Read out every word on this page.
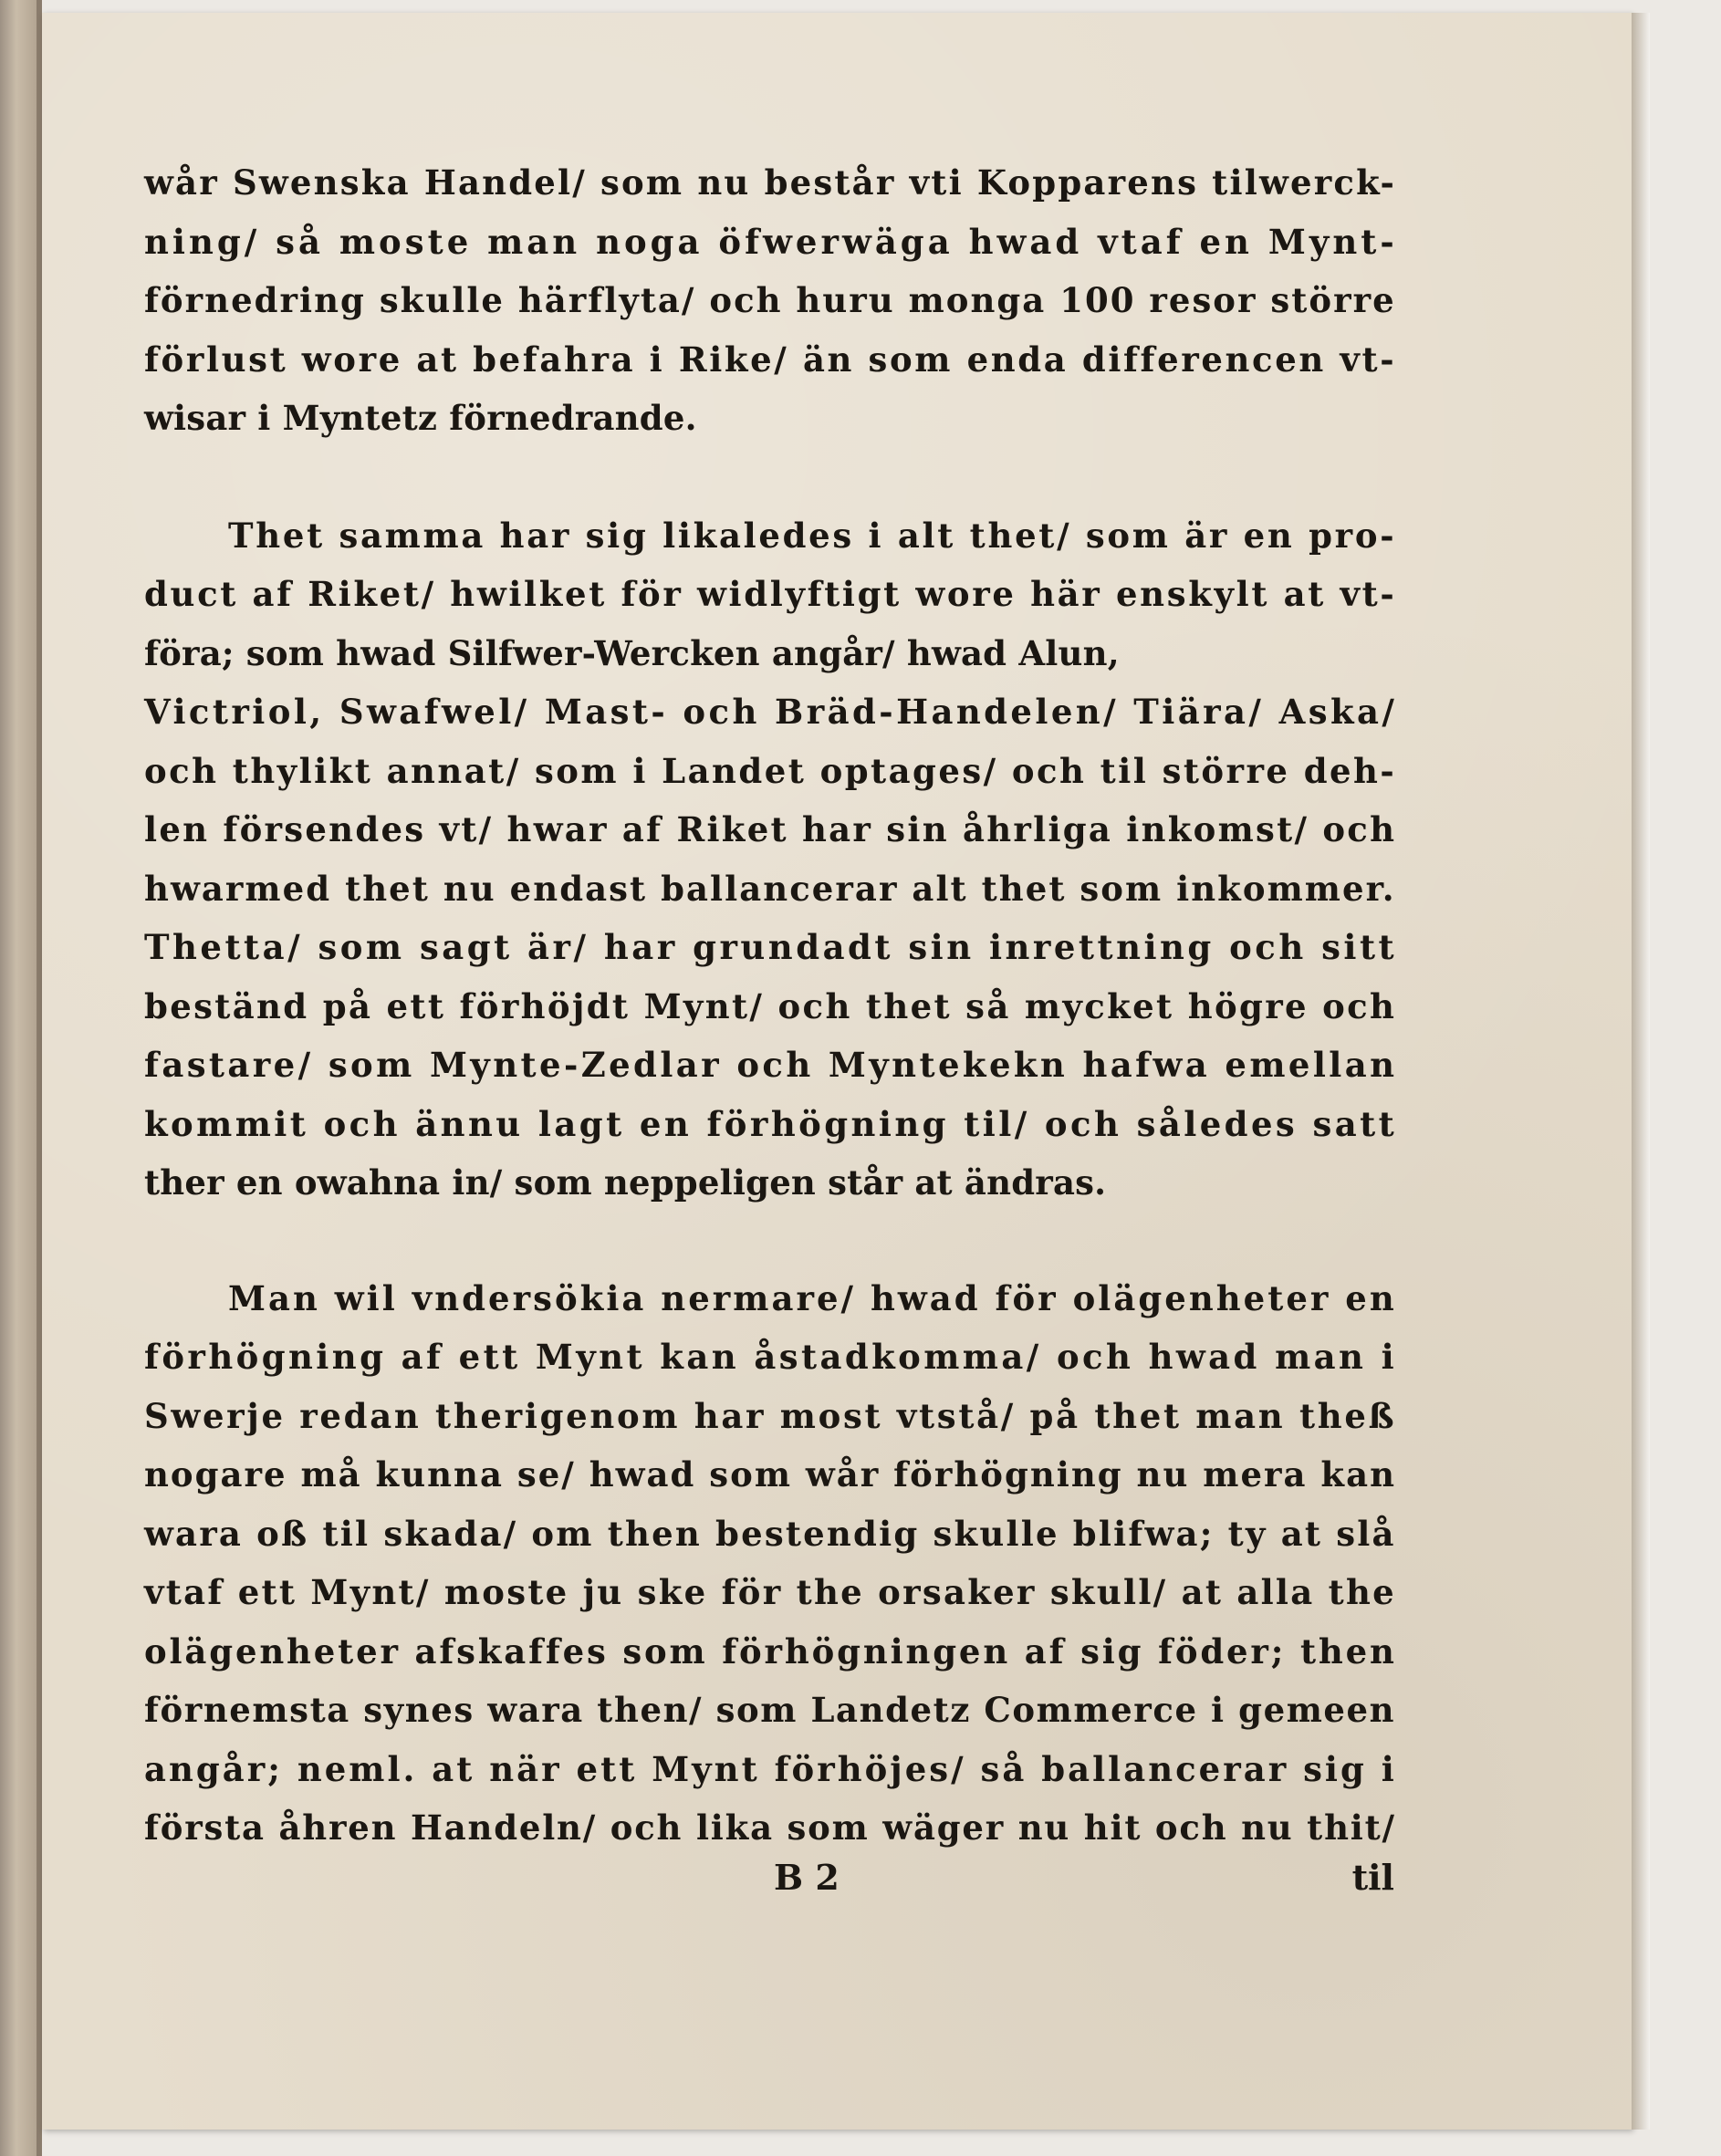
wår Swenska Handel/ som nu består vti Kopparens tilwerck-
ning/ så moste man noga öfwerwäga hwad vtaf en Mynt-
förnedring skulle härflyta/ och huru monga 100 resor större
förlust wore at befahra i Rike/ än som enda differencen vt-
wisar i Myntetz förnedrande.

Thet samma har sig likaledes i alt thet/ som är en pro-
duct af Riket/ hwilket för widlyftigt wore här enskylt at vt-
föra; som hwad Silfwer-Wercken angår/ hwad Alun,
Victriol, Swafwel/ Mast- och Bräd-Handelen/ Tiära/ Aska/
och thylikt annat/ som i Landet optages/ och til större deh-
len försendes vt/ hwar af Riket har sin åhrliga inkomst/ och
hwarmed thet nu endast ballancerar alt thet som inkommer.
Thetta/ som sagt är/ har grundadt sin inrettning och sitt
beständ på ett förhöjdt Mynt/ och thet så mycket högre och
fastare/ som Mynte-Zedlar och Myntekekn hafwa emellan
kommit och ännu lagt en förhögning til/ och således satt
ther en owahna in/ som neppeligen står at ändras.

Man wil vndersökia nermare/ hwad för olägenheter en
förhögning af ett Mynt kan åstadkomma/ och hwad man i
Swerje redan therigenom har most vtstå/ på thet man theß
nogare må kunna se/ hwad som wår förhögning nu mera kan
wara oß til skada/ om then bestendig skulle blifwa; ty at slå
vtaf ett Mynt/ moste ju ske för the orsaker skull/ at alla the
olägenheter afskaffes som förhögningen af sig föder; then
förnemsta synes wara then/ som Landetz Commerce i gemeen
angår; neml. at när ett Mynt förhöjes/ så ballancerar sig i
första åhren Handeln/ och lika som wäger nu hit och nu thit/

B 2	til
